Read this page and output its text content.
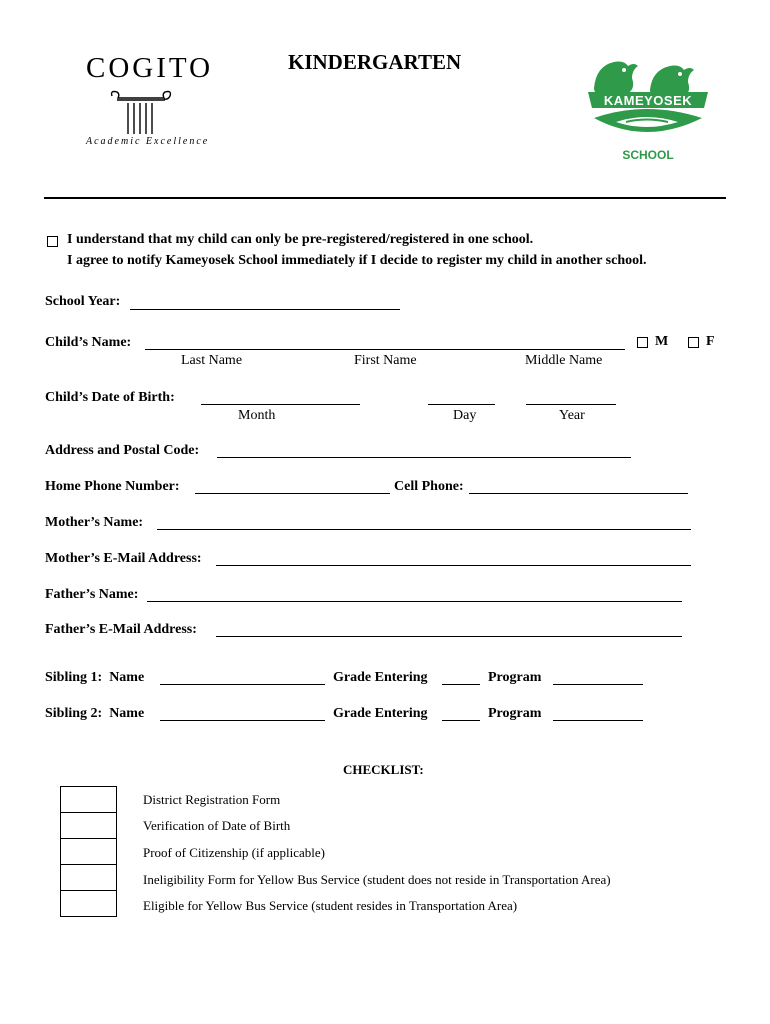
COGITO
Academic Excellence
KINDERGARTEN
KAMEYOSEK
SCHOOL
I understand that my child can only be pre-registered/registered in one school.
I agree to notify Kameyosek School immediately if I decide to register my child in another school.
School Year:
Child’s Name:	M	F
Last Name	First Name	Middle Name
Child’s Date of Birth:
Month	Day	Year
Address and Postal Code:
Home Phone Number:	Cell Phone:
Mother’s Name:
Mother’s E-Mail Address:
Father’s Name:
Father’s E-Mail Address:
Sibling 1:  Name	Grade Entering	Program
Sibling 2:  Name	Grade Entering	Program
CHECKLIST:
District Registration Form
Verification of Date of Birth
Proof of Citizenship (if applicable)
Ineligibility Form for Yellow Bus Service (student does not reside in Transportation Area)
Eligible for Yellow Bus Service (student resides in Transportation Area)
